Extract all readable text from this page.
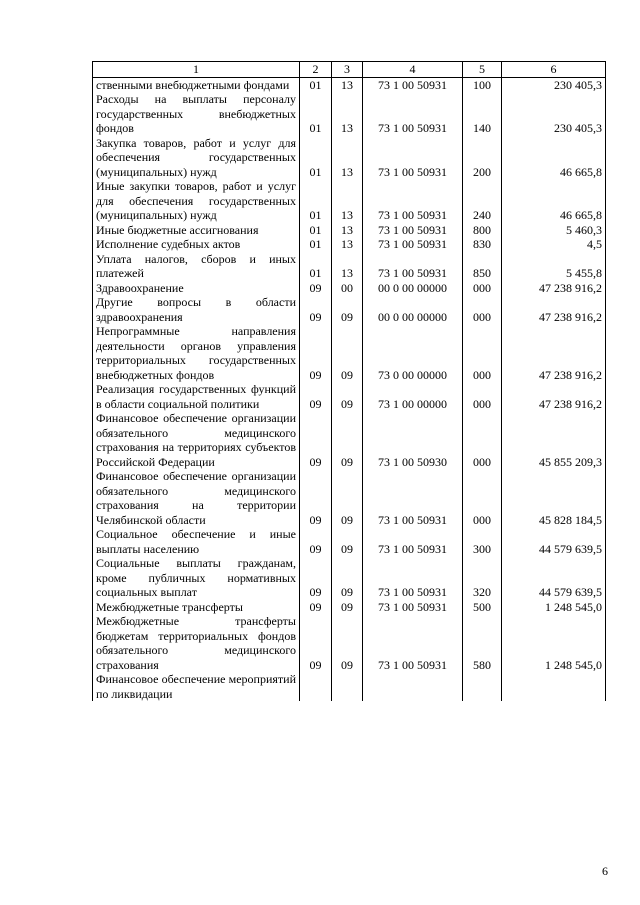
1	2	3	4	5	6
ственными внебюджетными фондами	01	13	73 1 00 50931	100	230 405,3
Расходы на выплаты персоналу государственных внебюджетных фондов	01	13	73 1 00 50931	140	230 405,3
Закупка товаров, работ и услуг для обеспечения государственных (муниципальных) нужд	01	13	73 1 00 50931	200	46 665,8
Иные закупки товаров, работ и услуг для обеспечения государственных (муниципальных) нужд	01	13	73 1 00 50931	240	46 665,8
Иные бюджетные ассигнования	01	13	73 1 00 50931	800	5 460,3
Исполнение судебных актов	01	13	73 1 00 50931	830	4,5
Уплата налогов, сборов и иных платежей	01	13	73 1 00 50931	850	5 455,8
Здравоохранение	09	00	00 0 00 00000	000	47 238 916,2
Другие вопросы в области здравоохранения	09	09	00 0 00 00000	000	47 238 916,2
Непрограммные направления деятельности органов управления территориальных государственных внебюджетных фондов	09	09	73 0 00 00000	000	47 238 916,2
Реализация государственных функций в области социальной политики	09	09	73 1 00 00000	000	47 238 916,2
Финансовое обеспечение организации обязательного медицинского страхования на территориях субъектов Российской Федерации	09	09	73 1 00 50930	000	45 855 209,3
Финансовое обеспечение организации обязательного медицинского страхования на территории Челябинской области	09	09	73 1 00 50931	000	45 828 184,5
Социальное обеспечение и иные выплаты населению	09	09	73 1 00 50931	300	44 579 639,5
Социальные выплаты гражданам, кроме публичных нормативных социальных выплат	09	09	73 1 00 50931	320	44 579 639,5
Межбюджетные трансферты	09	09	73 1 00 50931	500	1 248 545,0
Межбюджетные трансферты бюджетам территориальных фондов обязательного медицинского страхования	09	09	73 1 00 50931	580	1 248 545,0
Финансовое обеспечение мероприятий по ликвидации					
6
